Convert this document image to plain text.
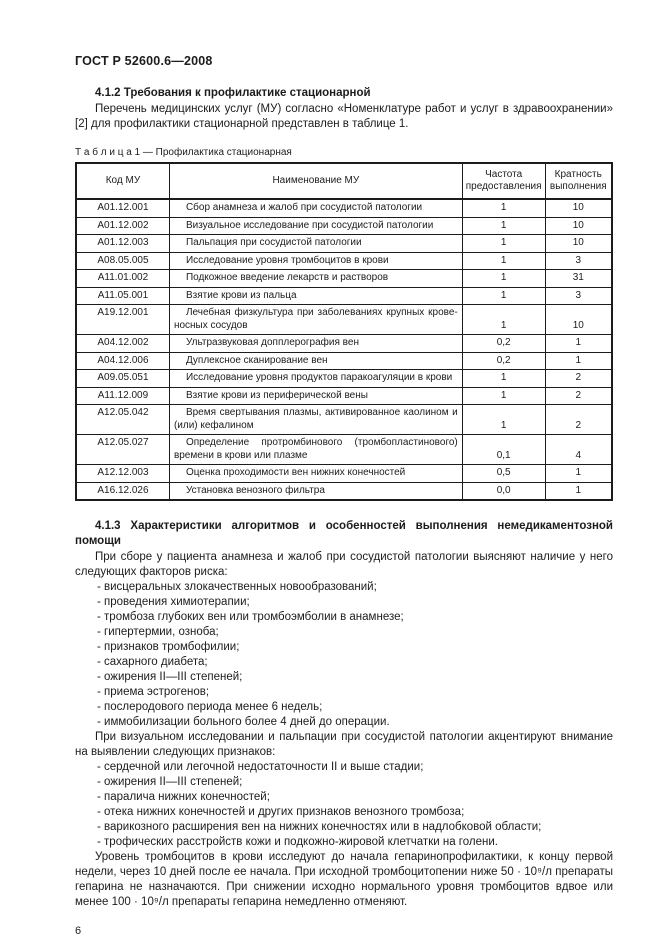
ГОСТ Р 52600.6—2008
4.1.2 Требования к профилактике стационарной

Перечень медицинских услуг (МУ) согласно «Номенклатуре работ и услуг в здравоохранении» [2] для профилактики стационарной представлен в таблице 1.

Т а б л и ц а 1 — Профилактика стационарная
Код МУ	Наименование МУ	Частота предоставления	Кратность выполнения
A01.12.001	Сбор анамнеза и жалоб при сосудистой патологии	1	10
A01.12.002	Визуальное исследование при сосудистой патологии	1	10
A01.12.003	Пальпация при сосудистой патологии	1	10
A08.05.005	Исследование уровня тромбоцитов в крови	1	3
A11.01.002	Подкожное введение лекарств и растворов	1	31
A11.05.001	Взятие крови из пальца	1	3
A19.12.001	Лечебная физкультура при заболеваниях крупных кровеносных сосудов	1	10
A04.12.002	Ультразвуковая допплерография вен	0,2	1
A04.12.006	Дуплексное сканирование вен	0,2	1
A09.05.051	Исследование уровня продуктов паракоагуляции в крови	1	2
A11.12.009	Взятие крови из периферической вены	1	2
A12.05.042	Время свертывания плазмы, активированное каолином и (или) кефалином	1	2
A12.05.027	Определение протромбинового (тромбопластинового) времени в крови или плазме	0,1	4
A12.12.003	Оценка проходимости вен нижних конечностей	0,5	1
A16.12.026	Установка венозного фильтра	0,0	1
4.1.3 Характеристики алгоритмов и особенностей выполнения немедикаментозной помощи

При сборе у пациента анамнеза и жалоб при сосудистой патологии выясняют наличие у него следующих факторов риска:

- висцеральных злокачественных новообразований;
- проведения химиотерапии;
- тромбоза глубоких вен или тромбоэмболии в анамнезе;
- гипертермии, озноба;
- признаков тромбофилии;
- сахарного диабета;
- ожирения II—III степеней;
- приема эстрогенов;
- послеродового периода менее 6 недель;
- иммобилизации больного более 4 дней до операции.

При визуальном исследовании и пальпации при сосудистой патологии акцентируют внимание на выявлении следующих признаков:

- сердечной или легочной недостаточности II и выше стадии;
- ожирения II—III степеней;
- паралича нижних конечностей;
- отека нижних конечностей и других признаков венозного тромбоза;
- варикозного расширения вен на нижних конечностях или в надлобковой области;
- трофических расстройств кожи и подкожно-жировой клетчатки на голени.

Уровень тромбоцитов в крови исследуют до начала гепаринопрофилактики, к концу первой недели, через 10 дней после ее начала. При исходной тромбоцитопении ниже 50 · 10⁹/л препараты гепарина не назначаются. При снижении исходно нормального уровня тромбоцитов вдвое или менее 100 · 10⁹/л препараты гепарина немедленно отменяют.

6
